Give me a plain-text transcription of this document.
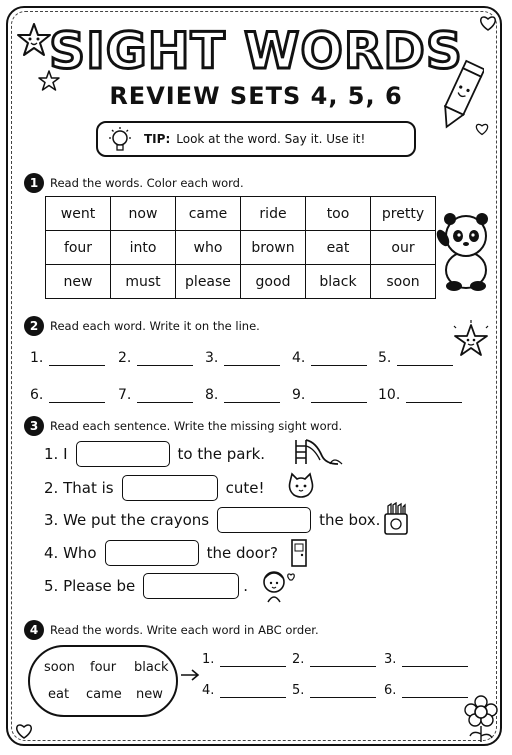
SIGHT WORDS
REVIEW SETS 4, 5, 6
TIP: Look at the word. Say it. Use it!
1	Read the words. Color each word.
went	now	came	ride	too	pretty
four	into	who	brown	eat	our
new	must	please	good	black	soon
2	Read each word. Write it on the line.
1.	2.	3.	4.	5.
6.	7.	8.	9.	10.
3	Read each sentence. Write the missing sight word.
1. I	to the park.
2. That is	cute!
3. We put the crayons	the box.
4. Who	the door?
5. Please be	.
4	Read the words. Write each word in ABC order.
soon four black
eat came new
1.	2.	3.
4.	5.	6.
